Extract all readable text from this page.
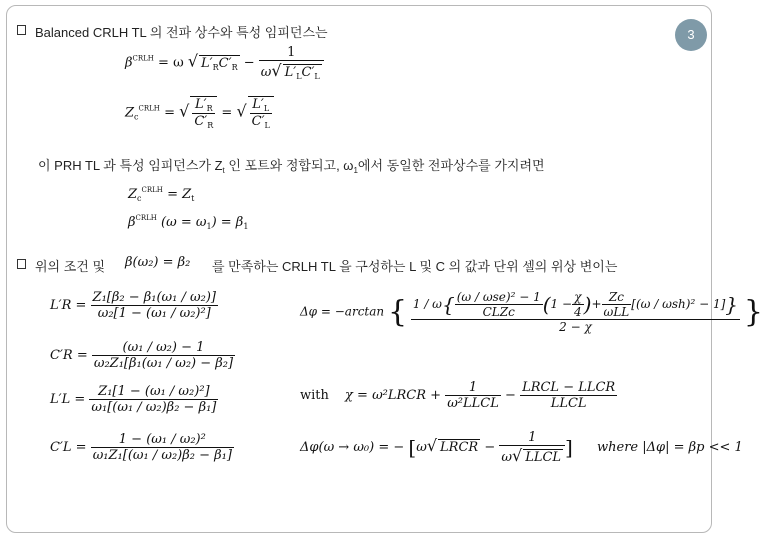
3
Balanced CRLH TL 의 전파 상수와 특성 임피던스는
$\beta^{CRLH} = \omega$ √ $L'_RC'_R - \frac{1}{\omega√ L'_LC'_L}$
$Z_c^{CRLH}$ = √ $\frac{L'_R}{C'_R}$ = √ $\frac{L'_L}{C'_L}$
이 PRH TL 과 특성 임피던스가 $Z_t$ 인 포트와 정합되고, $\omega_1$에서 동일한 전파상수를 가지려면
$Z_c^{CRLH} = Z_t$
$\beta^{CRLH}$ $(\omega = \omega_1) = \beta_1$
위의 조건 및 β(ω₂) = β₂ 를 만족하는 CRLH TL 을 구성하는 L 및 C 의 값과 단위 셀의 위상 변이는
$L'R = \frac{\text{Z₁[β₂ − β₁(ω₁ / ω₂)]}}{\text{ω₂[1 − (ω₁ / ω₂)²]}}$
$C'R = \frac{\text{(ω₁ / ω₂) − 1}}{\text{ω₂Z₁[β₁(ω₁ / ω₂) − β₂]}}$
$L'L = \frac{\text{Z₁[1 − (ω₁ / ω₂)²]}}{\text{ω₁[(ω₁ / ω₂)β₂ − β₁]}}$
$C'L = \frac{\text{1 − (ω₁ / ω₂)²}}{\text{ω₁Z₁[(ω₁ / ω₂)β₂ − β₁]}}$
Δφ = −arctan { $\frac{1 / \omega\{ \frac{\text{(ω / ωse)² − 1}}{\text{CLZc}} (1 - \frac{\chi}{4} )+ \frac{Zc}{\text{ωLL}} [(\omega / \omega sh)^2 - 1]\}}{2 - \chi}$ }
with χ = ω²LRCR + $\frac{1}{\text{ω²LLCL}} - \frac{\text{LRCL − LLCR}}{\text{LLCL}}$
Δφ(ω → ω₀) = − [ω√ LRCR − $\frac{1}{\text{ω√ LLCL}}$ ] where |Δφ| = βp << 1
